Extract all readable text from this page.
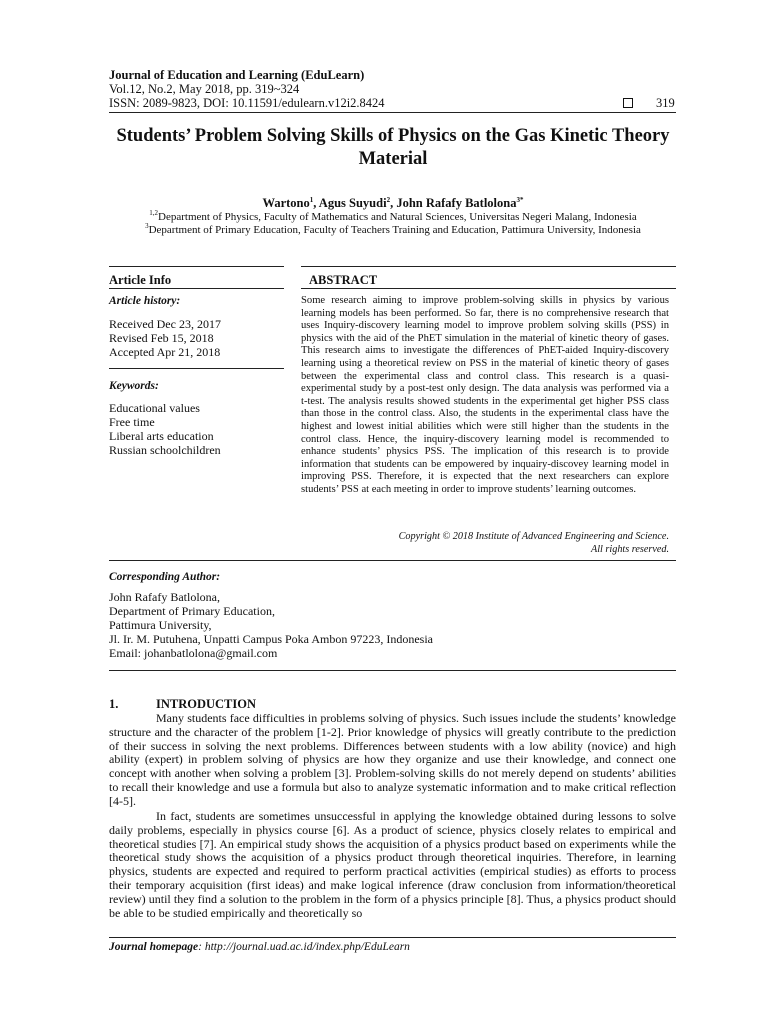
Journal of Education and Learning (EduLearn)
Vol.12, No.2, May 2018, pp. 319~324
ISSN: 2089-9823, DOI: 10.11591/edulearn.v12i2.8424	319
Students’ Problem Solving Skills of Physics on the Gas Kinetic Theory Material
Wartono$^1$, Agus Suyudi$^2$, John Rafafy Batlolona$^{3*}$
$^{1,2}$Department of Physics, Faculty of Mathematics and Natural Sciences, Universitas Negeri Malang, Indonesia
$^3$Department of Primary Education, Faculty of Teachers Training and Education, Pattimura University, Indonesia
Article Info	ABSTRACT
Article history:
Received Dec 23, 2017
Revised Feb 15, 2018
Accepted Apr 21, 2018
Keywords:
Educational values
Free time
Liberal arts education
Russian schoolchildren
Some research aiming to improve problem-solving skills in physics by various learning models has been performed. So far, there is no comprehensive research that uses Inquiry-discovery learning model to improve problem solving skills (PSS) in physics with the aid of the PhET simulation in the material of kinetic theory of gases. This research aims to investigate the differences of PhET-aided Inquiry-discovery learning using a theoretical review on PSS in the material of kinetic theory of gases between the experimental class and control class. This research is a quasi-experimental study by a post-test only design. The data analysis was performed via a t-test. The analysis results showed students in the experimental get higher PSS class than those in the control class. Also, the students in the experimental class have the highest and lowest initial abilities which were still higher than the students in the control class. Hence, the inquiry-discovery learning model is recommended to enhance students’ physics PSS. The implication of this research is to provide information that students can be empowered by inquairy-discovey learning model in improving PSS. Therefore, it is expected that the next researchers can explore students’ PSS at each meeting in order to improve students’ learning outcomes.
Copyright © 2018 Institute of Advanced Engineering and Science.
All rights reserved.
Corresponding Author:
John Rafafy Batlolona,
Department of Primary Education,
Pattimura University,
Jl. Ir. M. Putuhena, Unpatti Campus Poka Ambon 97223, Indonesia
Email: johanbatlolona@gmail.com
1.	INTRODUCTION
Many students face difficulties in problems solving of physics. Such issues include the students’ knowledge structure and the character of the problem [1-2]. Prior knowledge of physics will greatly contribute to the prediction of their success in solving the next problems. Differences between students with a low ability (novice) and high ability (expert) in problem solving of physics are how they organize and use their knowledge, and connect one concept with another when solving a problem [3]. Problem-solving skills do not merely depend on students’ abilities to recall their knowledge and use a formula but also to analyze systematic information and to make critical reflection [4-5].
In fact, students are sometimes unsuccessful in applying the knowledge obtained during lessons to solve daily problems, especially in physics course [6]. As a product of science, physics closely relates to empirical and theoretical studies [7]. An empirical study shows the acquisition of a physics product based on experiments while the theoretical study shows the acquisition of a physics product through theoretical inquiries. Therefore, in learning physics, students are expected and required to perform practical activities (empirical studies) as efforts to process their temporary acquisition (first ideas) and make logical inference (draw conclusion from information/theoretical review) until they find a solution to the problem in the form of a physics principle [8]. Thus, a physics product should be able to be studied empirically and theoretically so
Journal homepage: http://journal.uad.ac.id/index.php/EduLearn
